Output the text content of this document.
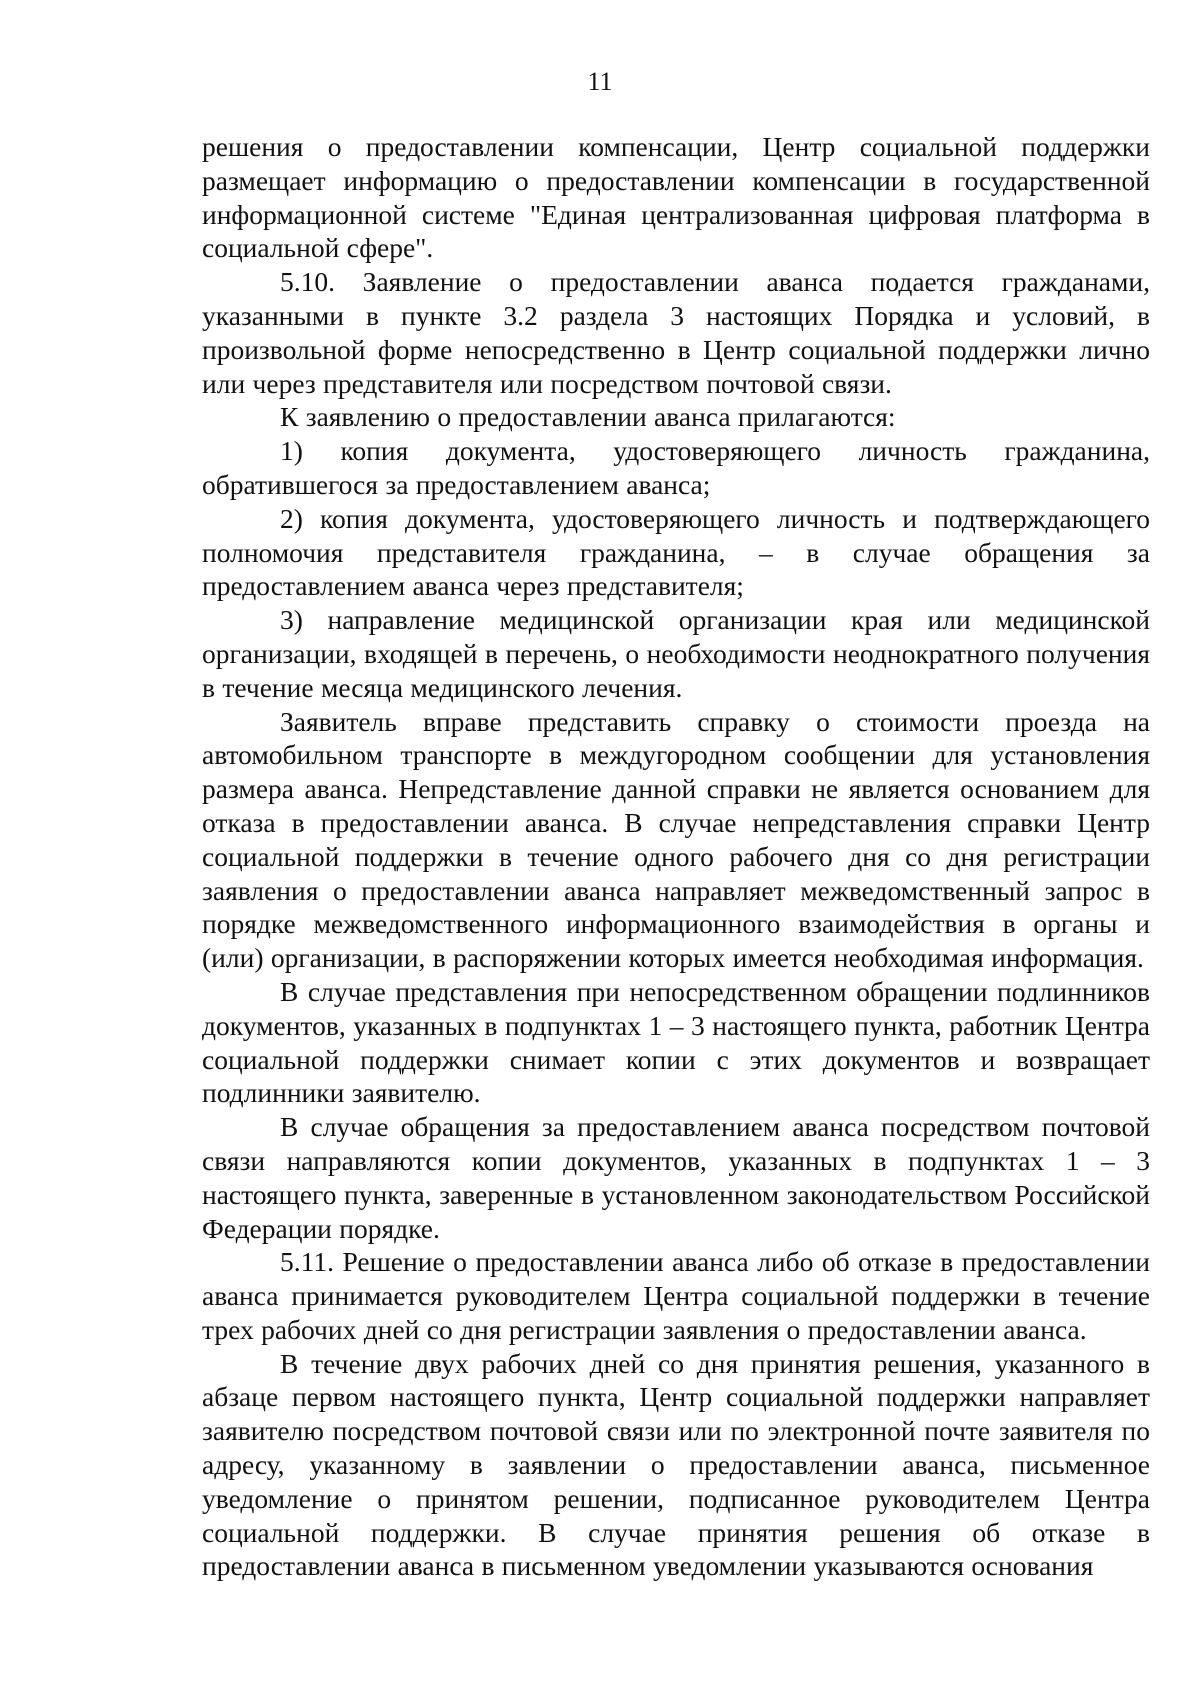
11

решения о предоставлении компенсации, Центр социальной поддержки размещает информацию о предоставлении компенсации в государственной информационной системе "Единая централизованная цифровая платформа в социальной сфере".

5.10. Заявление о предоставлении аванса подается гражданами, указанными в пункте 3.2 раздела 3 настоящих Порядка и условий, в произвольной форме непосредственно в Центр социальной поддержки лично или через представителя или посредством почтовой связи.

К заявлению о предоставлении аванса прилагаются:

1) копия документа, удостоверяющего личность гражданина, обратившегося за предоставлением аванса;

2) копия документа, удостоверяющего личность и подтверждающего полномочия представителя гражданина, – в случае обращения за предоставлением аванса через представителя;

3) направление медицинской организации края или медицинской организации, входящей в перечень, о необходимости неоднократного получения в течение месяца медицинского лечения.

Заявитель вправе представить справку о стоимости проезда на автомобильном транспорте в междугородном сообщении для установления размера аванса. Непредставление данной справки не является основанием для отказа в предоставлении аванса. В случае непредставления справки Центр социальной поддержки в течение одного рабочего дня со дня регистрации заявления о предоставлении аванса направляет межведомственный запрос в порядке межведомственного информационного взаимодействия в органы и (или) организации, в распоряжении которых имеется необходимая информация.

В случае представления при непосредственном обращении подлинников документов, указанных в подпунктах 1 – 3 настоящего пункта, работник Центра социальной поддержки снимает копии с этих документов и возвращает подлинники заявителю.

В случае обращения за предоставлением аванса посредством почтовой связи направляются копии документов, указанных в подпунктах 1 – 3 настоящего пункта, заверенные в установленном законодательством Российской Федерации порядке.

5.11. Решение о предоставлении аванса либо об отказе в предоставлении аванса принимается руководителем Центра социальной поддержки в течение трех рабочих дней со дня регистрации заявления о предоставлении аванса.

В течение двух рабочих дней со дня принятия решения, указанного в абзаце первом настоящего пункта, Центр социальной поддержки направляет заявителю посредством почтовой связи или по электронной почте заявителя по адресу, указанному в заявлении о предоставлении аванса, письменное уведомление о принятом решении, подписанное руководителем Центра социальной поддержки. В случае принятия решения об отказе в предоставлении аванса в письменном уведомлении указываются основания
